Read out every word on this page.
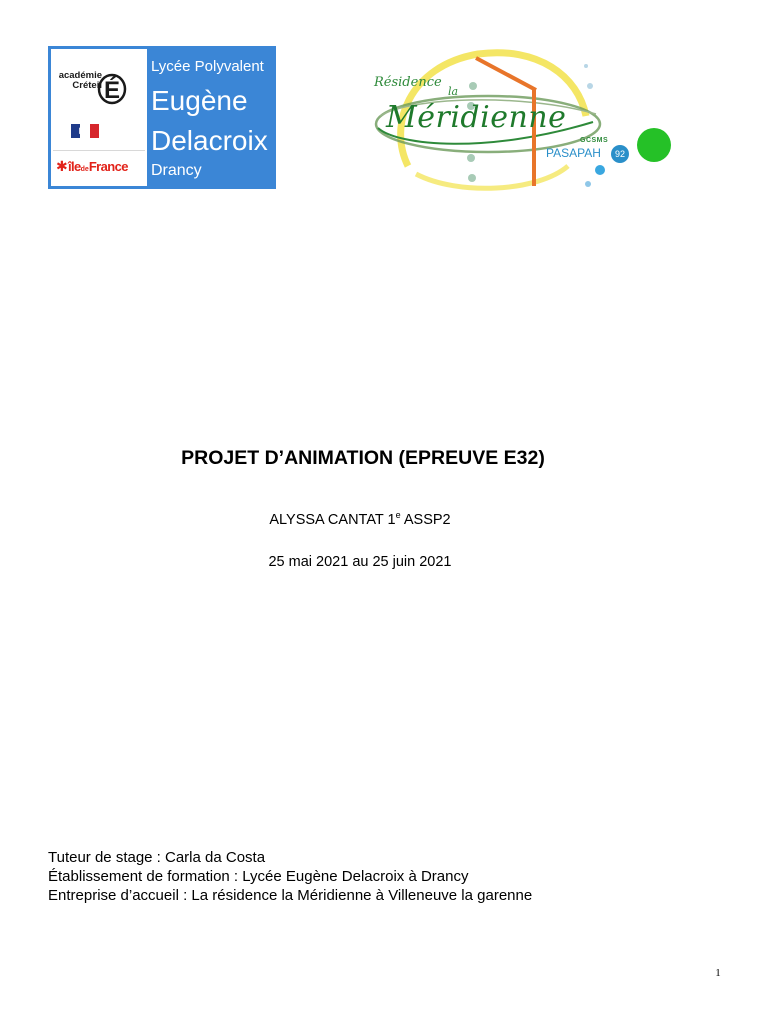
académie
Créteil É
✱ îledeFrance
Lycée Polyvalent
Eugène
Delacroix
Drancy
Résidence
la
Méridienne
GCSMS
PASAPAH	92
PROJET D’ANIMATION (EPREUVE E32)
ALYSSA CANTAT 1e ASSP2
25 mai 2021 au 25 juin 2021
Tuteur de stage : Carla da Costa
Établissement de formation : Lycée Eugène Delacroix à Drancy
Entreprise d’accueil : La résidence la Méridienne à Villeneuve la garenne
1
